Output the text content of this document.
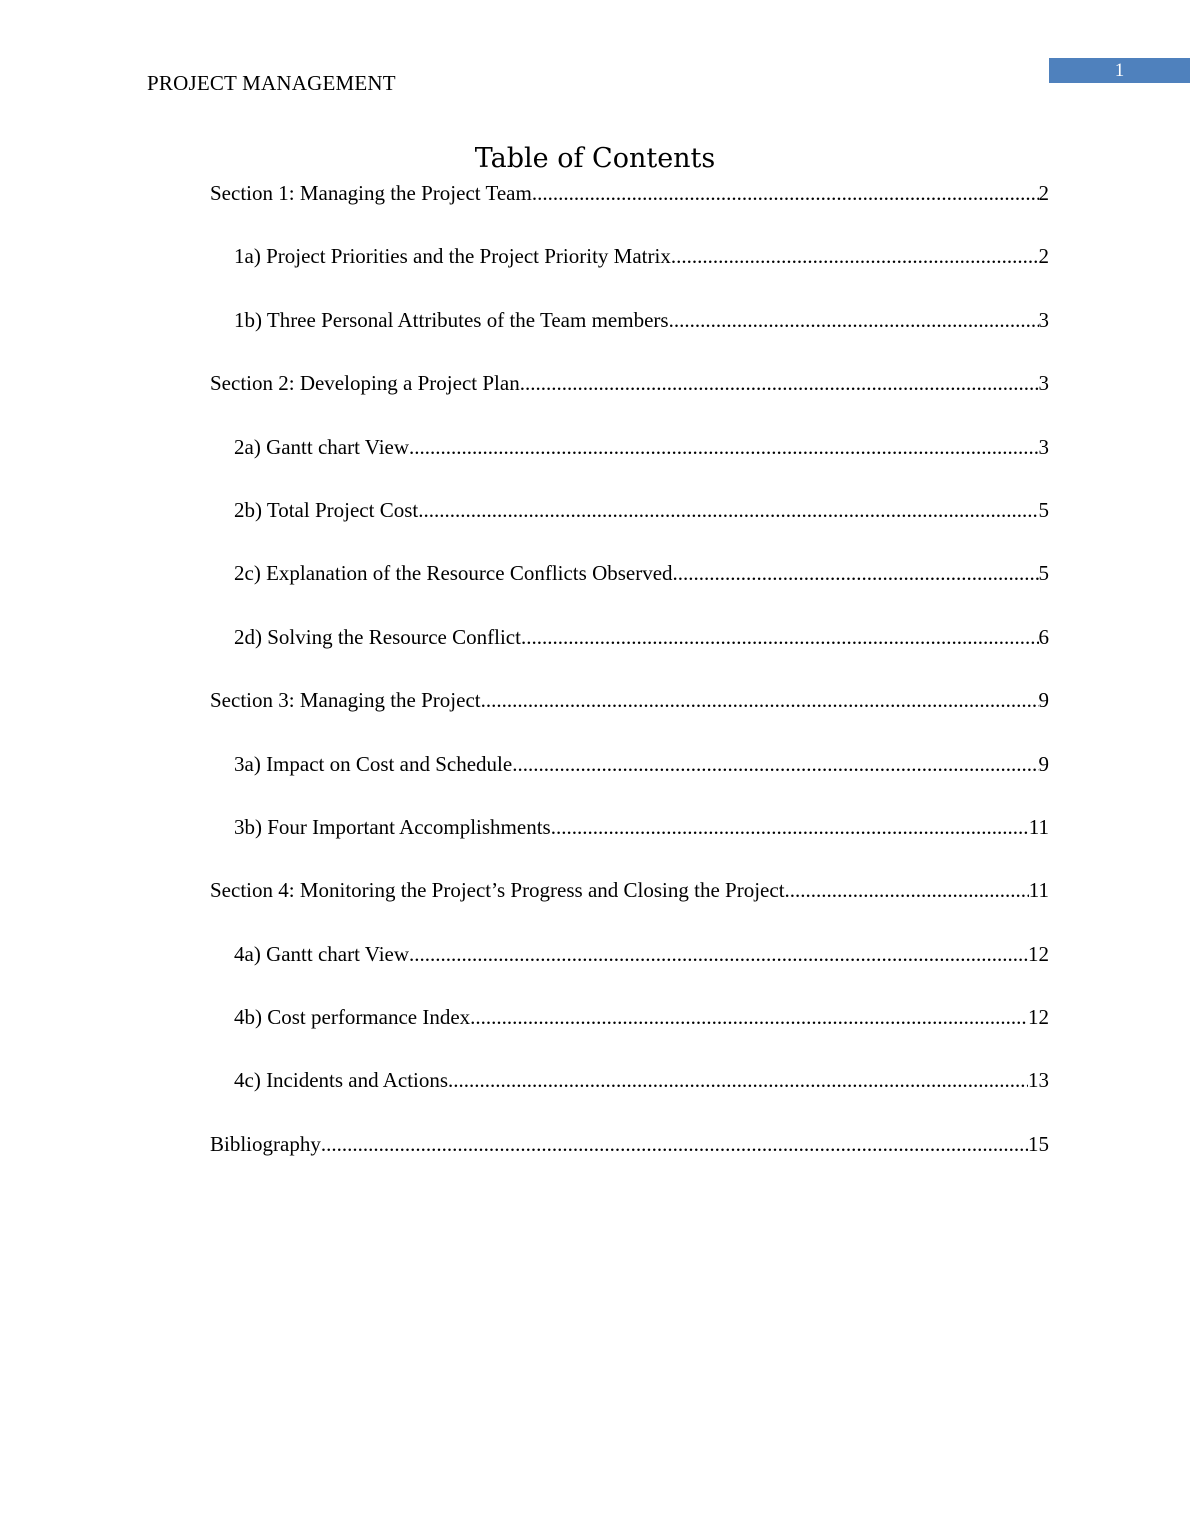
1
PROJECT MANAGEMENT
Table of Contents
Section 1: Managing the Project Team .....	2
1a) Project Priorities and the Project Priority Matrix .....	2
1b) Three Personal Attributes of the Team members .....	3
Section 2: Developing a Project Plan .....	3
2a) Gantt chart View .....	3
2b) Total Project Cost .....	5
2c) Explanation of the Resource Conflicts Observed .....	5
2d) Solving the Resource Conflict .....	6
Section 3: Managing the Project .....	9
3a) Impact on Cost and Schedule .....	9
3b) Four Important Accomplishments .....	11
Section 4: Monitoring the Project’s Progress and Closing the Project .....	11
4a) Gantt chart View .....	12
4b) Cost performance Index .....	12
4c) Incidents and Actions .....	13
Bibliography .....	15
